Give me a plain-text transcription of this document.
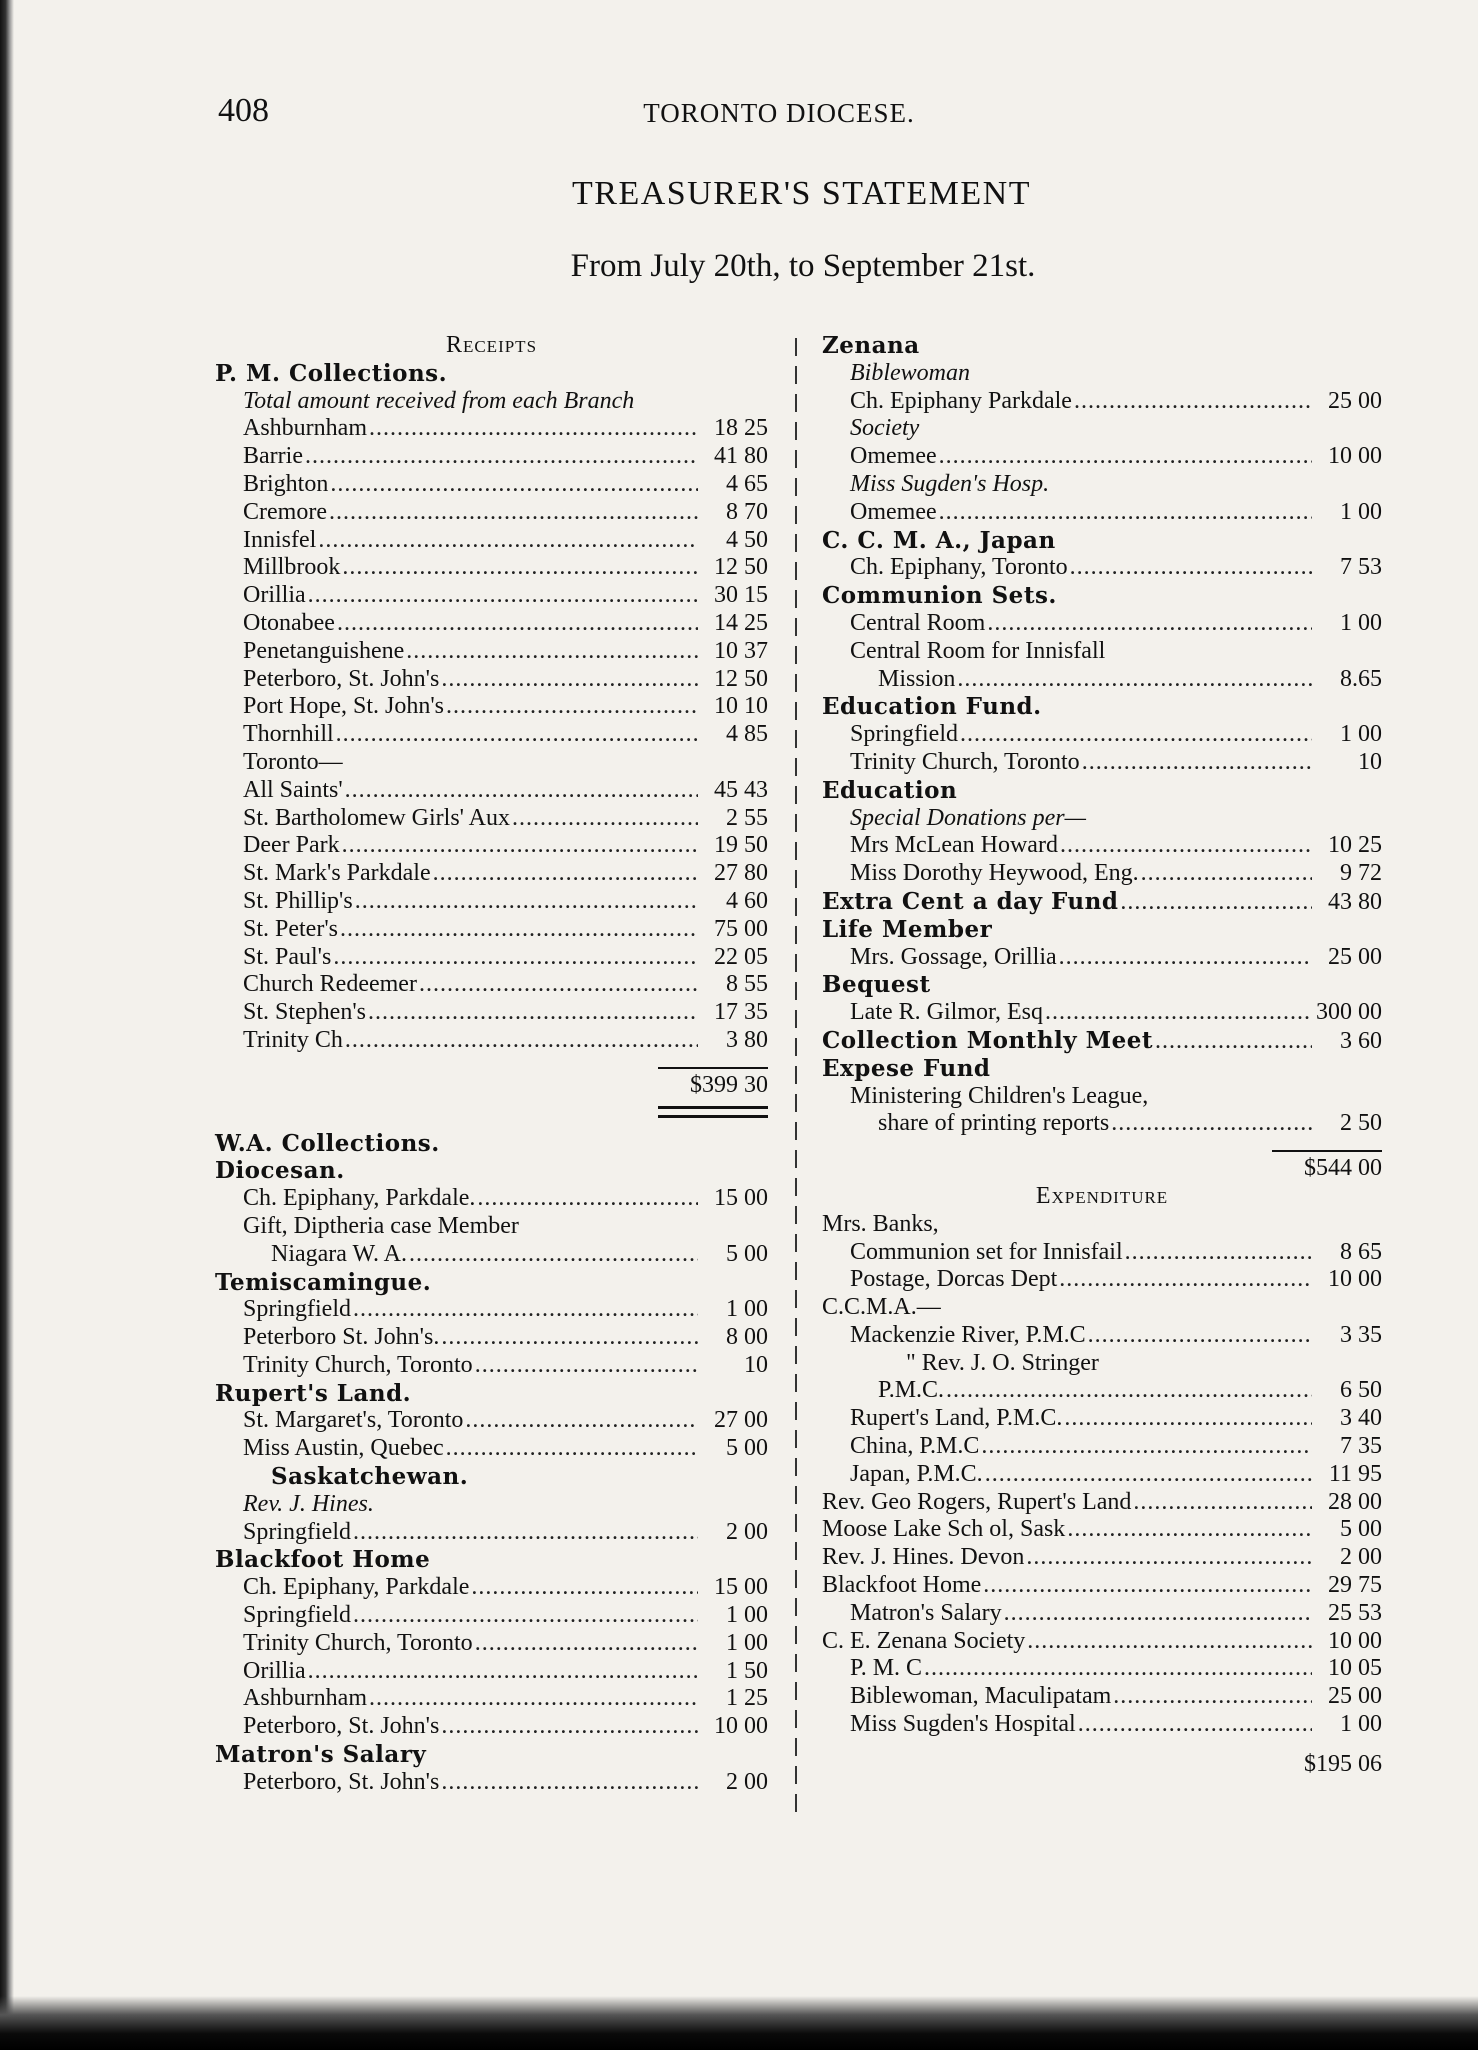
408	TORONTO DIOCESE.
TREASURER'S STATEMENT
From July 20th, to September 21st.
Receipts
P. M. Collections.
Total amount received from each Branch
Ashburnham .....	18 25
Barrie .....	41 80
Brighton .....	4 65
Cremore .....	8 70
Innisfel .....	4 50
Millbrook .....	12 50
Orillia .....	30 15
Otonabee .....	14 25
Penetanguishene .....	10 37
Peterboro, St. John's .....	12 50
Port Hope, St. John's .....	10 10
Thornhill .....	4 85
Toronto—
All Saints' .....	45 43
St. Bartholomew Girls' Aux .....	2 55
Deer Park .....	19 50
St. Mark's Parkdale .....	27 80
St. Phillip's .....	4 60
St. Peter's .....	75 00
St. Paul's .....	22 05
Church Redeemer .....	8 55
St. Stephen's .....	17 35
Trinity Ch .....	3 80
$399 30
W.A. Collections.
Diocesan.
Ch. Epiphany, Parkdale. .....	15 00
Gift, Diptheria case Member
Niagara W. A. .....	5 00
Temiscamingue.
Springfield .....	1 00
Peterboro St. John's. .....	8 00
Trinity Church, Toronto .....	10
Rupert's Land.
St. Margaret's, Toronto .....	27 00
Miss Austin, Quebec .....	5 00
Saskatchewan.
Rev. J. Hines.
Springfield .....	2 00
Blackfoot Home
Ch. Epiphany, Parkdale .....	15 00
Springfield .....	1 00
Trinity Church, Toronto .....	1 00
Orillia .....	1 50
Ashburnham .....	1 25
Peterboro, St. John's .....	10 00
Matron's Salary
Peterboro, St. John's .....	2 00
Zenana
Biblewoman
Ch. Epiphany Parkdale .....	25 00
Society
Omemee .....	10 00
Miss Sugden's Hosp.
Omemee .....	1 00
C. C. M. A., Japan
Ch. Epiphany, Toronto .....	7 53
Communion Sets.
Central Room .....	1 00
Central Room for Innisfall
Mission .....	8.65
Education Fund.
Springfield .....	1 00
Trinity Church, Toronto .....	10
Education
Special Donations per—
Mrs McLean Howard .....	10 25
Miss Dorothy Heywood, Eng. .....	9 72
Extra Cent a day Fund .....	43 80
Life Member
Mrs. Gossage, Orillia .....	25 00
Bequest
Late R. Gilmor, Esq .....	300 00
Collection Monthly Meet .....	3 60
Expese Fund
Ministering Children's League,
share of printing reports .....	2 50
$544 00
Expenditure
Mrs. Banks,
Communion set for Innisfail .....	8 65
Postage, Dorcas Dept .....	10 00
C.C.M.A.—
Mackenzie River, P.M.C .....	3 35
" Rev. J. O. Stringer
P.M.C. .....	6 50
Rupert's Land, P.M.C. .....	3 40
China, P.M.C .....	7 35
Japan, P.M.C. .....	11 95
Rev. Geo Rogers, Rupert's Land .....	28 00
Moose Lake Sch ol, Sask .....	5 00
Rev. J. Hines. Devon .....	2 00
Blackfoot Home .....	29 75
Matron's Salary .....	25 53
C. E. Zenana Society .....	10 00
P. M. C .....	10 05
Biblewoman, Maculipatam .....	25 00
Miss Sugden's Hospital .....	1 00
$195 06
